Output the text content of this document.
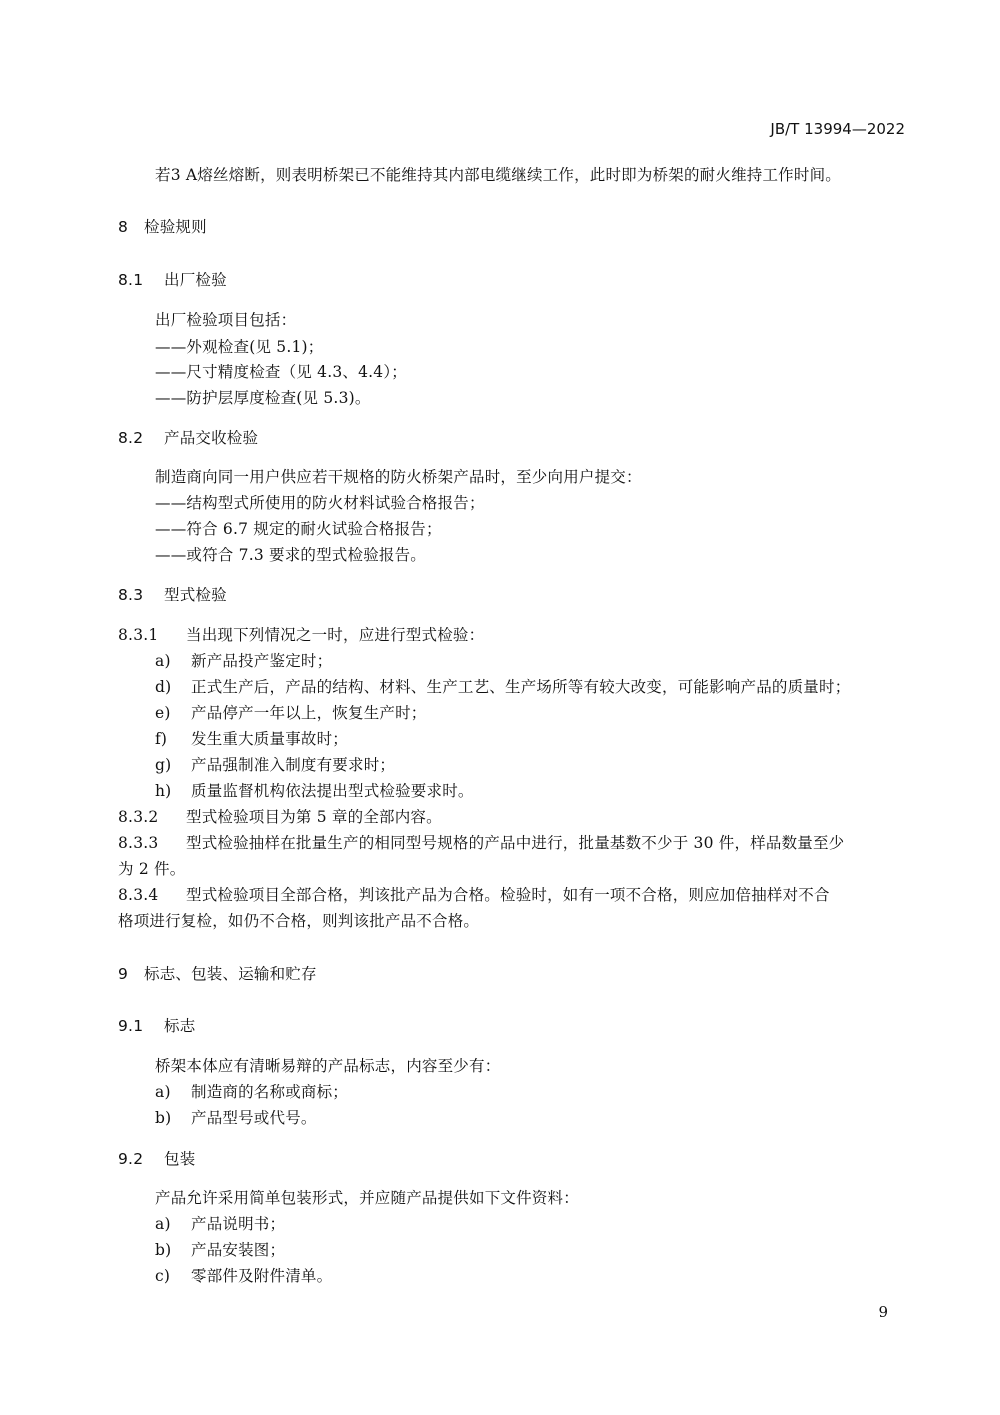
JB/T 13994—2022
若3 A熔丝熔断，则表明桥架已不能维持其内部电缆继续工作，此时即为桥架的耐火维持工作时间。
8 检验规则
8.1 出厂检验
出厂检验项目包括：
——外观检查(见 5.1)；
——尺寸精度检查（见 4.3、4.4）；
——防护层厚度检查(见 5.3)。
8.2 产品交收检验
制造商向同一用户供应若干规格的防火桥架产品时，至少向用户提交：
——结构型式所使用的防火材料试验合格报告；
——符合 6.7 规定的耐火试验合格报告；
——或符合 7.3 要求的型式检验报告。
8.3 型式检验
8.3.1 当出现下列情况之一时，应进行型式检验：
a) 新产品投产鉴定时；
d) 正式生产后，产品的结构、材料、生产工艺、生产场所等有较大改变，可能影响产品的质量时；
e) 产品停产一年以上，恢复生产时；
f) 发生重大质量事故时；
g) 产品强制准入制度有要求时；
h) 质量监督机构依法提出型式检验要求时。
8.3.2 型式检验项目为第 5 章的全部内容。
8.3.3 型式检验抽样在批量生产的相同型号规格的产品中进行，批量基数不少于 30 件，样品数量至少
为 2 件。
8.3.4 型式检验项目全部合格，判该批产品为合格。检验时，如有一项不合格，则应加倍抽样对不合
格项进行复检，如仍不合格，则判该批产品不合格。
9 标志、包装、运输和贮存
9.1 标志
桥架本体应有清晰易辩的产品标志，内容至少有：
a) 制造商的名称或商标；
b) 产品型号或代号。
9.2 包装
产品允许采用简单包装形式，并应随产品提供如下文件资料：
a) 产品说明书；
b) 产品安装图；
c) 零部件及附件清单。
9
